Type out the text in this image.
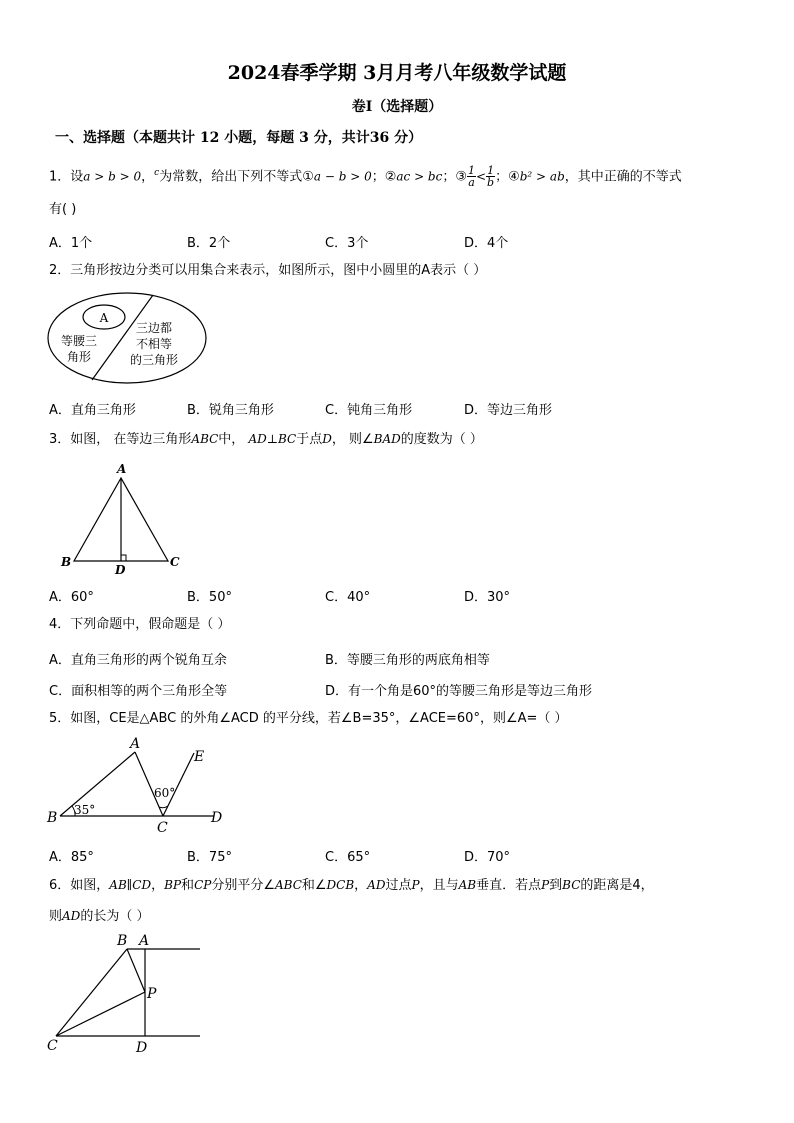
2024春季学期 3月月考八年级数学试题
卷I（选择题）
一、选择题（本题共计 12 小题，每题 3 分，共计36 分）
1．设a > b > 0，$^c$为常数，给出下列不等式①a − b > 0；②ac > bc；③ $\frac{1}{a} < \frac{1}{b}$ ；④b² > ab，其中正确的不等式
有( )
A．1个	B．2个	C．3个	D．4个
2．三角形按边分类可以用集合来表示，如图所示，图中小圆里的A表示（ ）
A
等腰三
角形
三边都
不相等
的三角形
A．直角三角形	B．锐角三角形	C．钝角三角形	D．等边三角形
3．如图， 在等边三角形ABC中， AD⊥BC于点D， 则∠BAD的度数为（ ）
A
B	C
D
A．60°	B．50°	C．40°	D．30°
4．下列命题中，假命题是（ ）
A．直角三角形的两个锐角互余	B．等腰三角形的两底角相等
C．面积相等的两个三角形全等	D．有一个角是60°的等腰三角形是等边三角形
5．如图，CE是△ABC 的外角∠ACD 的平分线，若∠B=35°，∠ACE=60°，则∠A=（ ）
A
B
C
D
E
35°
60°
A．85°	B．75°	C．65°	D．70°
6．如图，AB∥CD，BP和CP分别平分∠ABC和∠DCB，AD过点P，且与AB垂直．若点P到BC的距离是4，
则AD的长为（ ）
B A
P
C	D
